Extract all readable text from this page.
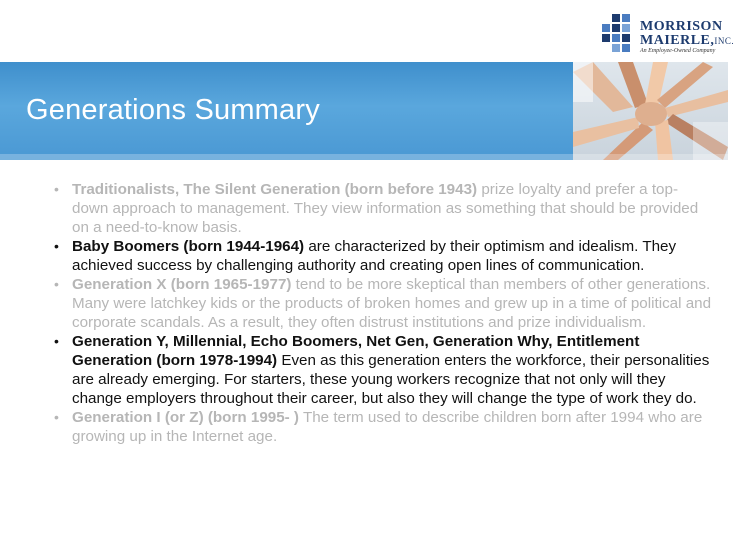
MORRISON
MAIERLE,INC.
An Employee-Owned Company
Generations Summary
• Traditionalists, The Silent Generation (born before 1943) prize loyalty and prefer a top-down approach to management. They view information as something that should be provided on a need-to-know basis.
• Baby Boomers (born 1944-1964) are characterized by their optimism and idealism. They achieved success by challenging authority and creating open lines of communication.
• Generation X (born 1965-1977) tend to be more skeptical than members of other generations. Many were latchkey kids or the products of broken homes and grew up in a time of political and corporate scandals. As a result, they often distrust institutions and prize individualism.
• Generation Y, Millennial, Echo Boomers, Net Gen, Generation Why, Entitlement Generation (born 1978-1994) Even as this generation enters the workforce, their personalities are already emerging. For starters, these young workers recognize that not only will they change employers throughout their career, but also they will change the type of work they do.
• Generation I (or Z) (born 1995- ) The term used to describe children born after 1994 who are growing up in the Internet age.
